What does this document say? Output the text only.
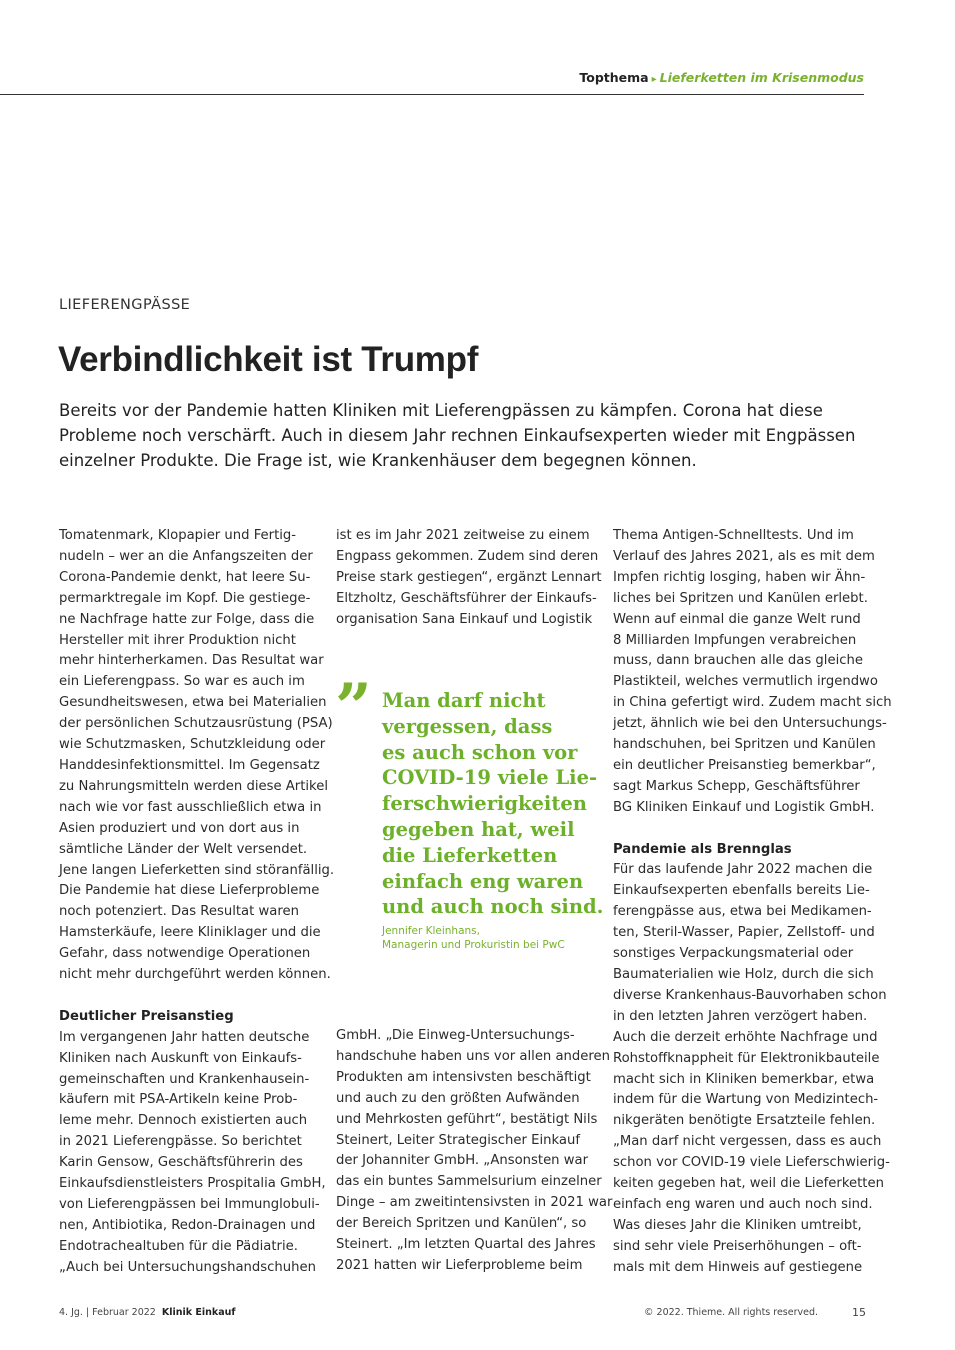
Topthema ▸ Lieferketten im Krisenmodus
LIEFERENGPÄSSE
Verbindlichkeit ist Trumpf

Bereits vor der Pandemie hatten Kliniken mit Lieferengpässen zu kämpfen. Corona hat diese Probleme noch verschärft. Auch in diesem Jahr rechnen Einkaufsexperten wieder mit Engpässen einzelner Produkte. Die Frage ist, wie Krankenhäuser dem begegnen können.

Tomatenmark, Klopapier und Fertig-
nudeln – wer an die Anfangszeiten der
Corona-Pandemie denkt, hat leere Su-
permarktregale im Kopf. Die gestiege-
ne Nachfrage hatte zur Folge, dass die
Hersteller mit ihrer Produktion nicht
mehr hinterherkamen. Das Resultat war
ein Lieferengpass. So war es auch im
Gesundheitswesen, etwa bei Materialien
der persönlichen Schutzausrüstung (PSA)
wie Schutzmasken, Schutzkleidung oder
Handdesinfektionsmittel. Im Gegensatz
zu Nahrungsmitteln werden diese Artikel
nach wie vor fast ausschließlich etwa in
Asien produziert und von dort aus in
sämtliche Länder der Welt versendet.
Jene langen Lieferketten sind störanfällig.
Die Pandemie hat diese Lieferprobleme
noch potenziert. Das Resultat waren
Hamsterkäufe, leere Kliniklager und die
Gefahr, dass notwendige Operationen
nicht mehr durchgeführt werden können.
Deutlicher Preisanstieg
Im vergangenen Jahr hatten deutsche
Kliniken nach Auskunft von Einkaufs-
gemeinschaften und Krankenhausein-
käufern mit PSA-Artikeln keine Prob-
leme mehr. Dennoch existierten auch
in 2021 Lieferengpässe. So berichtet
Karin Gensow, Geschäftsführerin des
Einkaufsdienstleisters Prospitalia GmbH,
von Lieferengpässen bei Immunglobuli-
nen, Antibiotika, Redon-Drainagen und
Endotrachealtuben für die Pädiatrie.
„Auch bei Untersuchungshandschuhen
ist es im Jahr 2021 zeitweise zu einem
Engpass gekommen. Zudem sind deren
Preise stark gestiegen“, ergänzt Lennart
Eltzholtz, Geschäftsführer der Einkaufs-
organisation Sana Einkauf und Logistik
” Man darf nicht
vergessen, dass
es auch schon vor
COVID-19 viele Lie-
ferschwierigkeiten
gegeben hat, weil
die Lieferketten
einfach eng waren
und auch noch sind.
Jennifer Kleinhans,
Managerin und Prokuristin bei PwC
GmbH. „Die Einweg-Untersuchungs-
handschuhe haben uns vor allen anderen
Produkten am intensivsten beschäftigt
und auch zu den größten Aufwänden
und Mehrkosten geführt“, bestätigt Nils
Steinert, Leiter Strategischer Einkauf
der Johanniter GmbH. „Ansonsten war
das ein buntes Sammelsurium einzelner
Dinge – am zweitintensivsten in 2021 war
der Bereich Spritzen und Kanülen“, so
Steinert. „Im letzten Quartal des Jahres
2021 hatten wir Lieferprobleme beim
Thema Antigen-Schnelltests. Und im
Verlauf des Jahres 2021, als es mit dem
Impfen richtig losging, haben wir Ähn-
liches bei Spritzen und Kanülen erlebt.
Wenn auf einmal die ganze Welt rund
8 Milliarden Impfungen verabreichen
muss, dann brauchen alle das gleiche
Plastikteil, welches vermutlich irgendwo
in China gefertigt wird. Zudem macht sich
jetzt, ähnlich wie bei den Untersuchungs-
handschuhen, bei Spritzen und Kanülen
ein deutlicher Preisanstieg bemerkbar“,
sagt Markus Schepp, Geschäftsführer
BG Kliniken Einkauf und Logistik GmbH.
Pandemie als Brennglas
Für das laufende Jahr 2022 machen die
Einkaufsexperten ebenfalls bereits Lie-
ferengpässe aus, etwa bei Medikamen-
ten, Steril-Wasser, Papier, Zellstoff- und
sonstiges Verpackungsmaterial oder
Baumaterialien wie Holz, durch die sich
diverse Krankenhaus-Bauvorhaben schon
in den letzten Jahren verzögert haben.
Auch die derzeit erhöhte Nachfrage und
Rohstoffknappheit für Elektronikbauteile
macht sich in Kliniken bemerkbar, etwa
indem für die Wartung von Medizintech-
nikgeräten benötigte Ersatzteile fehlen.
„Man darf nicht vergessen, dass es auch
schon vor COVID-19 viele Lieferschwierig-
keiten gegeben hat, weil die Lieferketten
einfach eng waren und auch noch sind.
Was dieses Jahr die Kliniken umtreibt,
sind sehr viele Preiserhöhungen – oft-
mals mit dem Hinweis auf gestiegene
4. Jg. | Februar 2022 Klinik Einkauf	© 2022. Thieme. All rights reserved.	15
